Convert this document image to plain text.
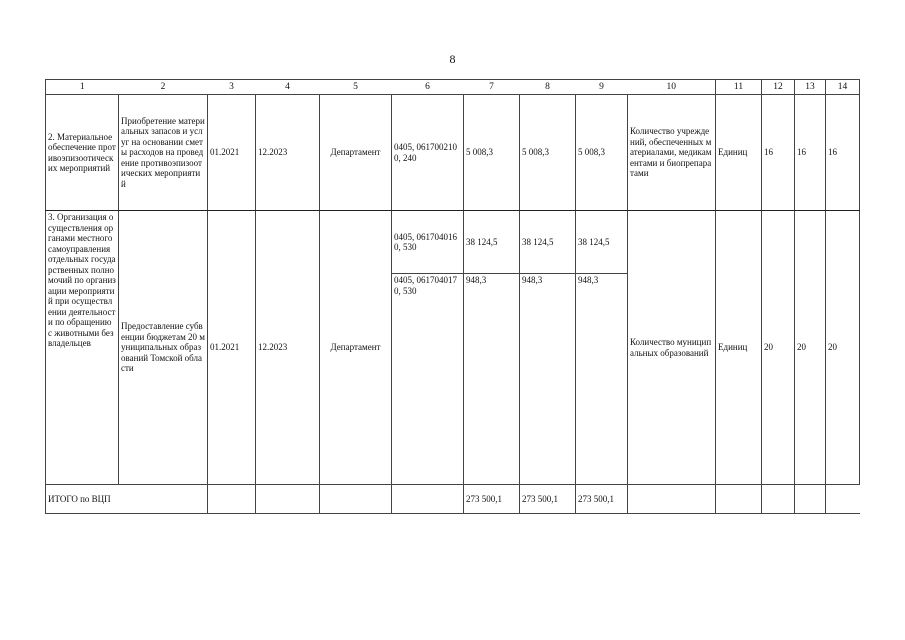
8
1	2	3	4	5	6	7	8	9	10	11	12	13	14
2. Материальное обеспечение противоэпизоотических мероприятий	Приобретение материальных запасов и услуг на основании сметы расходов на проведение противоэпизоотических мероприятий	01.2021	12.2023	Департамент	0405, 0617002100, 240	5 008,3	5 008,3	5 008,3	Количество учреждений, обеспеченных материалами, медикаментами и биопрепаратами	Единиц	16	16	16
3. Организация осуществления органами местного самоуправления отдельных государственных полномочий по организации мероприятий при осуществлении деятельности по обращению с животными без владельцев	Предоставление субвенции бюджетам 20 муниципальных образований Томской области	01.2021	12.2023	Департамент	0405, 0617040160, 530	38 124,5	38 124,5	38 124,5	Количество муниципальных образований	Единиц	20	20	20
					0405, 0617040170, 530	948,3	948,3	948,3					
ИТОГО по ВЦП						273 500,1	273 500,1	273 500,1					
